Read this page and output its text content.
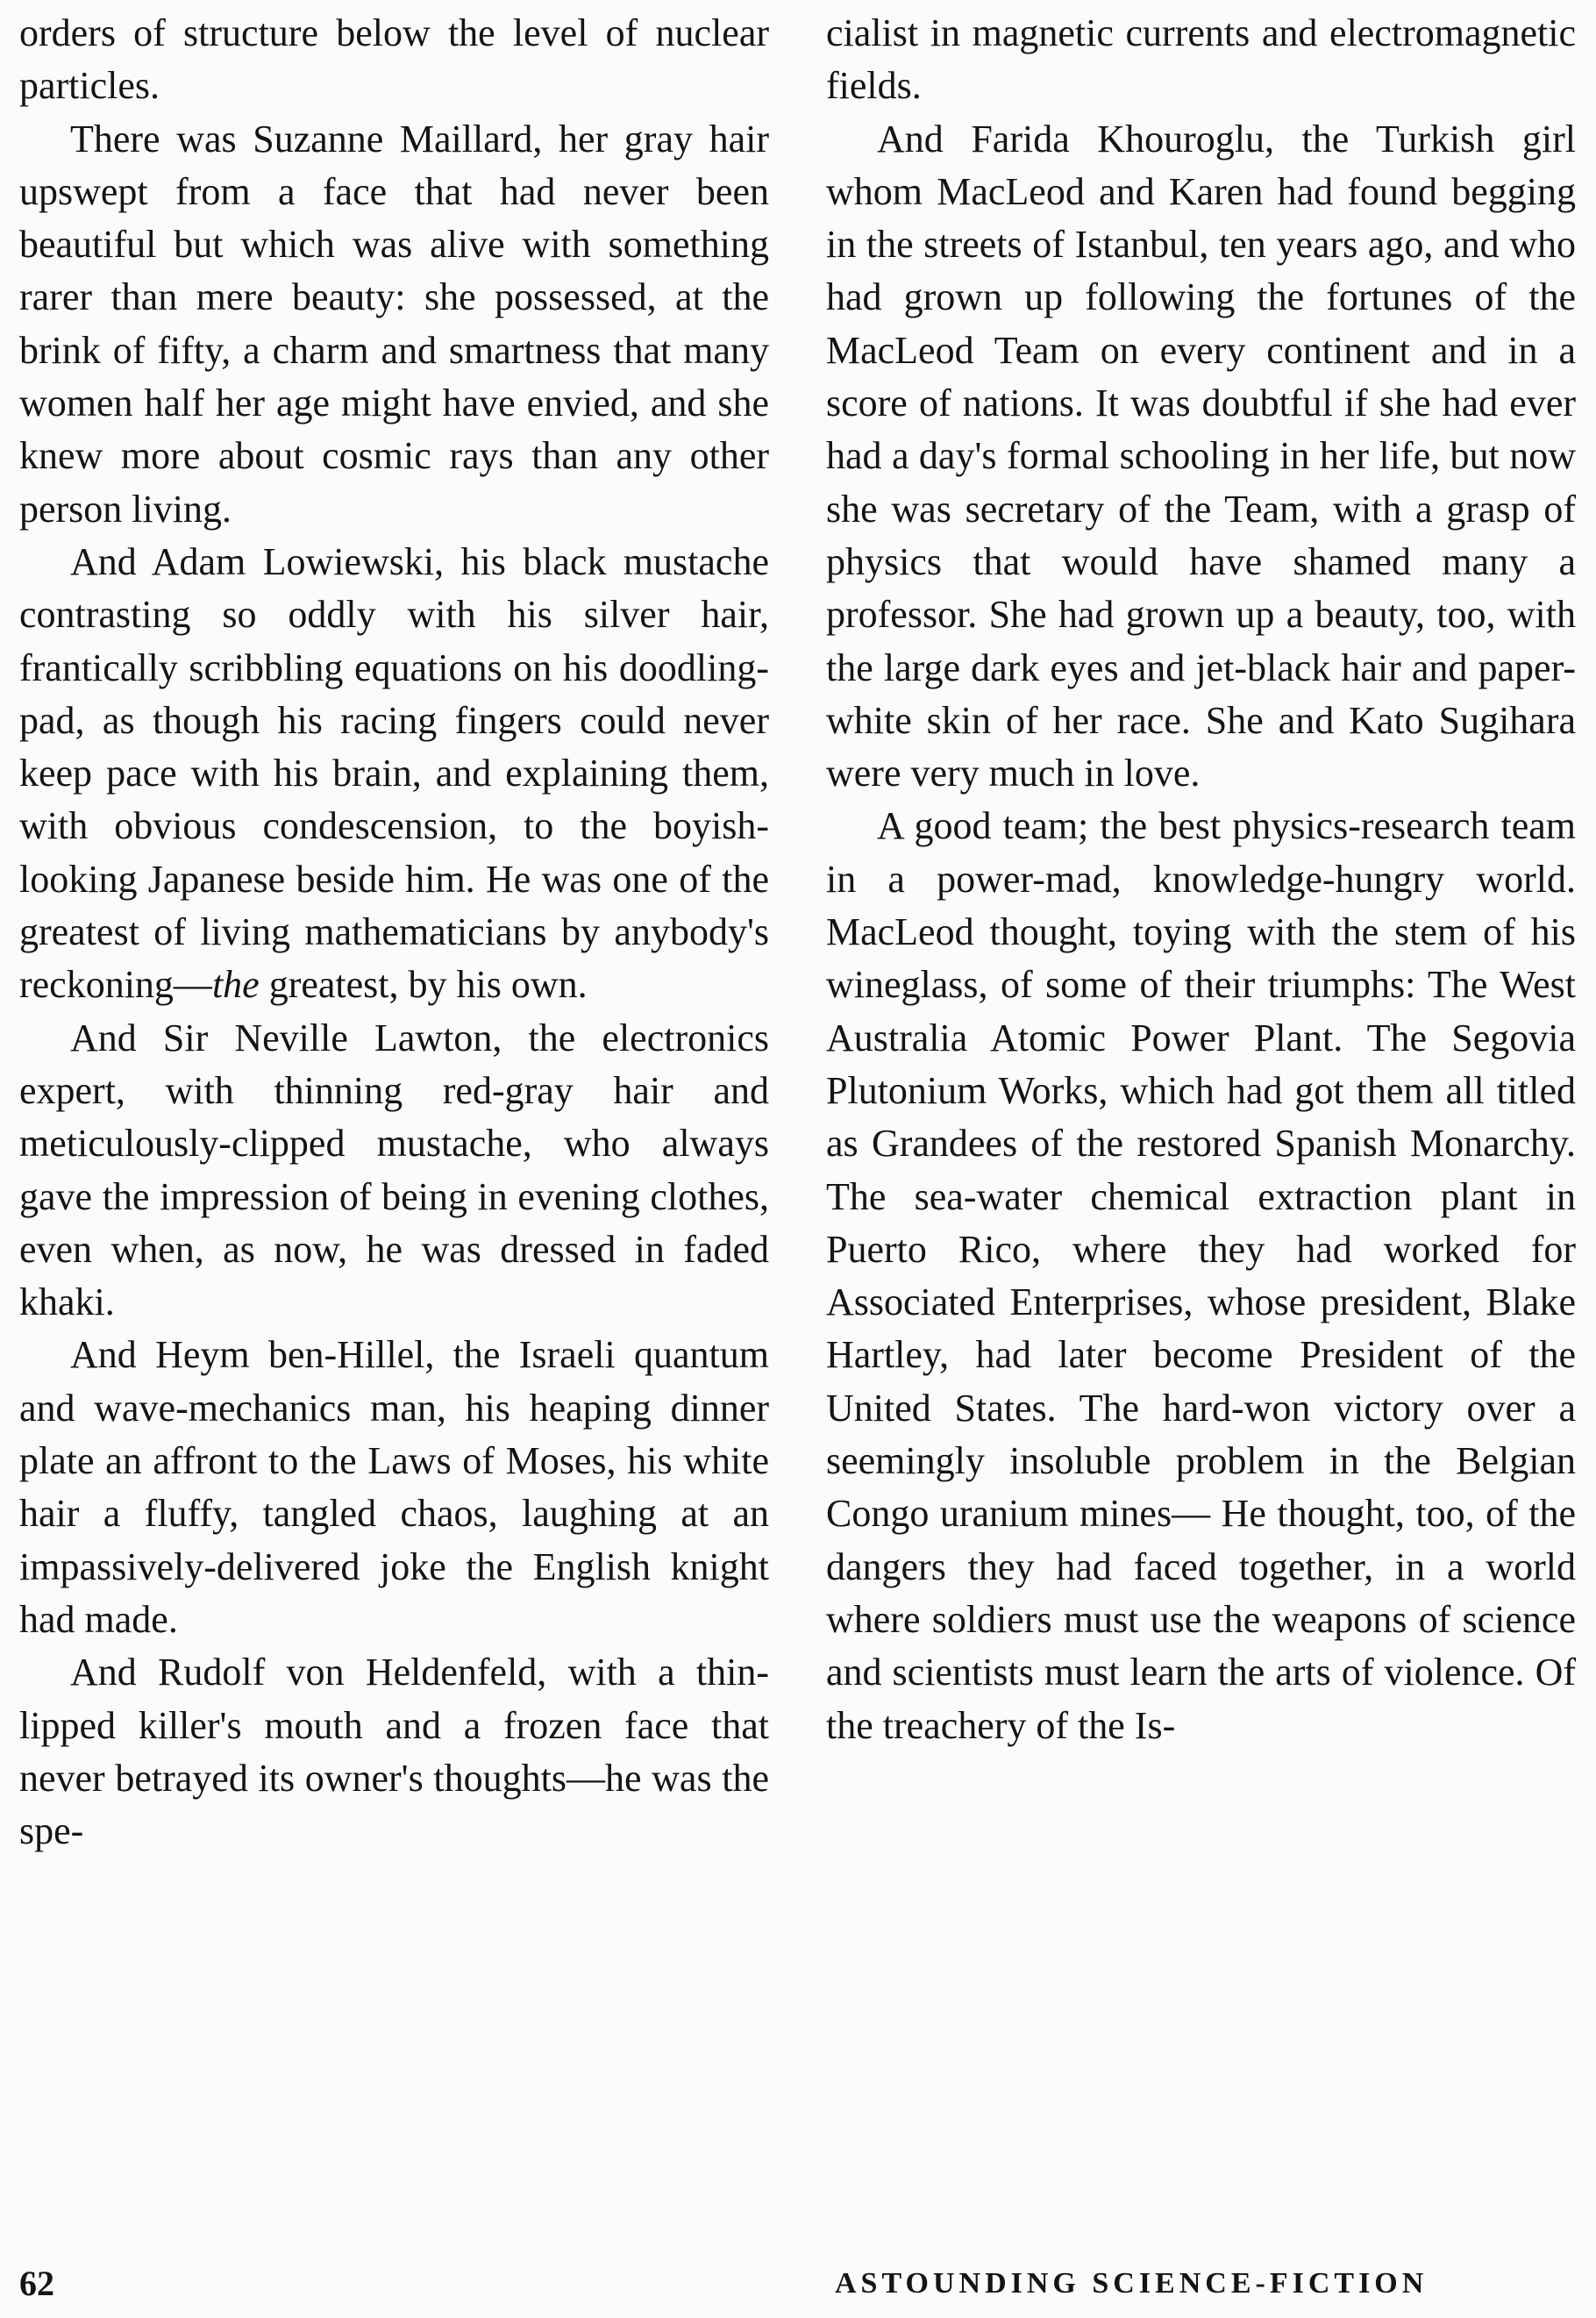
orders of structure below the level of nuclear particles.

There was Suzanne Maillard, her gray hair upswept from a face that had never been beautiful but which was alive with something rarer than mere beauty: she possessed, at the brink of fifty, a charm and smartness that many women half her age might have envied, and she knew more about cosmic rays than any other person living.

And Adam Lowiewski, his black mustache contrasting so oddly with his silver hair, frantically scribbling equations on his doodling-pad, as though his racing fingers could never keep pace with his brain, and explaining them, with obvious condescension, to the boyish-looking Japanese beside him. He was one of the greatest of living mathematicians by anybody's reckoning—the greatest, by his own.

And Sir Neville Lawton, the electronics expert, with thinning red-gray hair and meticulously-clipped mustache, who always gave the impression of being in evening clothes, even when, as now, he was dressed in faded khaki.

And Heym ben-Hillel, the Israeli quantum and wave-mechanics man, his heaping dinner plate an affront to the Laws of Moses, his white hair a fluffy, tangled chaos, laughing at an impassively-delivered joke the English knight had made.

And Rudolf von Heldenfeld, with a thin-lipped killer's mouth and a frozen face that never betrayed its owner's thoughts—he was the spe-

cialist in magnetic currents and electromagnetic fields.

And Farida Khouroglu, the Turkish girl whom MacLeod and Karen had found begging in the streets of Istanbul, ten years ago, and who had grown up following the fortunes of the MacLeod Team on every continent and in a score of nations. It was doubtful if she had ever had a day's formal schooling in her life, but now she was secretary of the Team, with a grasp of physics that would have shamed many a professor. She had grown up a beauty, too, with the large dark eyes and jet-black hair and paper-white skin of her race. She and Kato Sugihara were very much in love.

A good team; the best physics-research team in a power-mad, knowledge-hungry world. MacLeod thought, toying with the stem of his wineglass, of some of their triumphs: The West Australia Atomic Power Plant. The Segovia Plutonium Works, which had got them all titled as Grandees of the restored Spanish Monarchy. The sea-water chemical extraction plant in Puerto Rico, where they had worked for Associated Enterprises, whose president, Blake Hartley, had later become President of the United States. The hard-won victory over a seemingly insoluble problem in the Belgian Congo uranium mines— He thought, too, of the dangers they had faced together, in a world where soldiers must use the weapons of science and scientists must learn the arts of violence. Of the treachery of the Is-

62	ASTOUNDING SCIENCE-FICTION
